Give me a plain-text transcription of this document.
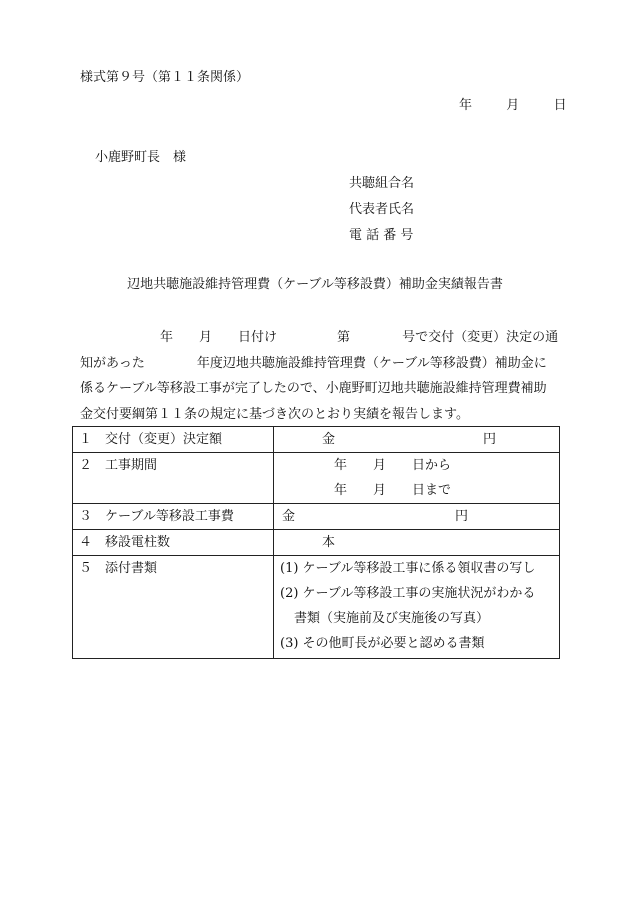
様式第９号（第１１条関係）
年	月	日
小鹿野町長　様
共聴組合名
代表者氏名
電 話 番 号
辺地共聴施設維持管理費（ケーブル等移設費）補助金実績報告書
年 月 日付け	第	号で交付（変更）決定の通
知があった	年度辺地共聴施設維持管理費（ケーブル等移設費）補助金に
係るケーブル等移設工事が完了したので、小鹿野町辺地共聴施設維持管理費補助
金交付要綱第１１条の規定に基づき次のとおり実績を報告します。
１　交付（変更）決定額	金 円

２　工事期間	年 月 日から
年 月 日まで

３　ケーブル等移設工事費	金 円

４　移設電柱数	本

５　添付書類	(1) ケーブル等移設工事に係る領収書の写し
(2) ケーブル等移設工事の実施状況がわかる
書類（実施前及び実施後の写真）
(3) その他町長が必要と認める書類
